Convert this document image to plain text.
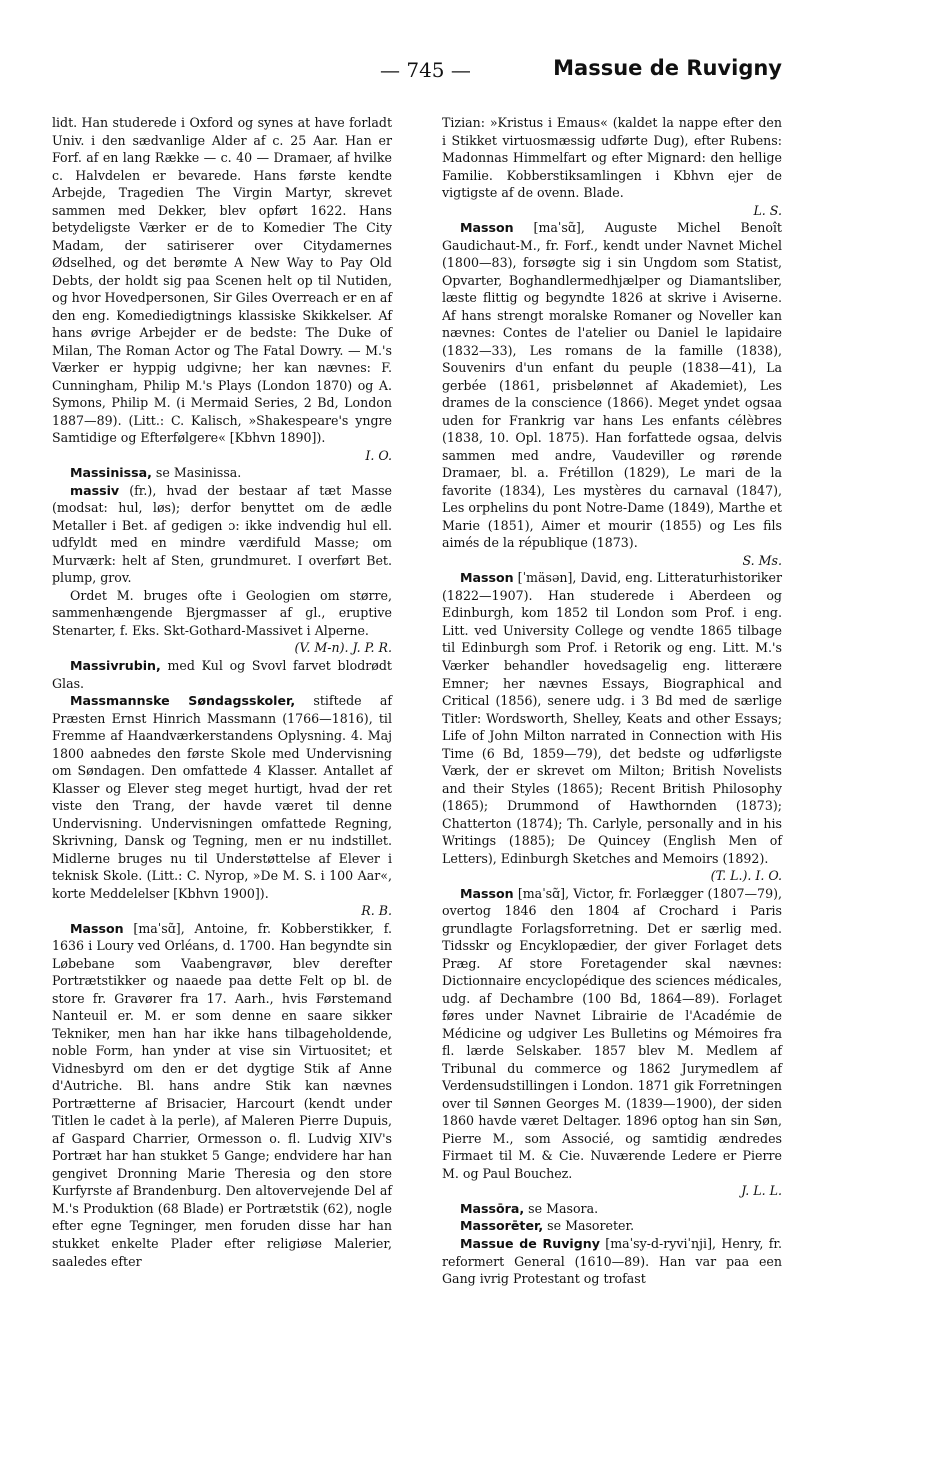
— 745 —	Massue de Ruvigny

lidt. Han studerede i Oxford og synes at have forladt Univ. i den sædvanlige Alder af c. 25 Aar. Han er Forf. af en lang Række — c. 40 — Dramaer, af hvilke c. Halvdelen er bevarede. Hans første kendte Arbejde, Tragedien The Virgin Martyr, skrevet sammen med Dekker, blev opført 1622. Hans betydeligste Værker er de to Komedier The City Madam, der satiriserer over Citydamernes Ødselhed, og det berømte A New Way to Pay Old Debts, der holdt sig paa Scenen helt op til Nutiden, og hvor Hovedpersonen, Sir Giles Overreach er en af den eng. Komediedigtnings klassiske Skikkelser. Af hans øvrige Arbejder er de bedste: The Duke of Milan, The Roman Actor og The Fatal Dowry. — M.'s Værker er hyppig udgivne; her kan nævnes: F. Cunningham, Philip M.'s Plays (London 1870) og A. Symons, Philip M. (i Mermaid Series, 2 Bd, London 1887—89). (Litt.: C. Kalisch, »Shakespeare's yngre Samtidige og Efterfølgere« [Kbhvn 1890]).
I. O.

Massinissa, se Masinissa.

massiv (fr.), hvad der bestaar af tæt Masse (modsat: hul, løs); derfor benyttet om de ædle Metaller i Bet. af gedigen ɔ: ikke indvendig hul ell. udfyldt med en mindre værdifuld Masse; om Murværk: helt af Sten, grundmuret. I overført Bet. plump, grov.

Ordet M. bruges ofte i Geologien om større, sammenhængende Bjergmasser af gl., eruptive Stenarter, f. Eks. Skt-Gothard-Massivet i Alperne.
(V. M-n). J. P. R.

Massivrubin, med Kul og Svovl farvet blodrødt Glas.

Massmannske Søndagsskoler, stiftede af Præsten Ernst Hinrich Massmann (1766—1816), til Fremme af Haandværkerstandens Oplysning. 4. Maj 1800 aabnedes den første Skole med Undervisning om Søndagen. Den omfattede 4 Klasser. Antallet af Klasser og Elever steg meget hurtigt, hvad der ret viste den Trang, der havde været til denne Undervisning. Undervisningen omfattede Regning, Skrivning, Dansk og Tegning, men er nu indstillet. Midlerne bruges nu til Understøttelse af Elever i teknisk Skole. (Litt.: C. Nyrop, »De M. S. i 100 Aar«, korte Meddelelser [Kbhvn 1900]).
R. B.

Masson [maˈsɑ̃], Antoine, fr. Kobberstikker, f. 1636 i Loury ved Orléans, d. 1700. Han begyndte sin Løbebane som Vaabengravør, blev derefter Portrætstikker og naaede paa dette Felt op bl. de store fr. Gravører fra 17. Aarh., hvis Førstemand Nanteuil er. M. er som denne en saare sikker Tekniker, men han har ikke hans tilbageholdende, noble Form, han ynder at vise sin Virtuositet; et Vidnesbyrd om den er det dygtige Stik af Anne d'Autriche. Bl. hans andre Stik kan nævnes Portrætterne af Brisacier, Harcourt (kendt under Titlen le cadet à la perle), af Maleren Pierre Dupuis, af Gaspard Charrier, Ormesson o. fl. Ludvig XIV's Portræt har han stukket 5 Gange; endvidere har han gengivet Dronning Marie Theresia og den store Kurfyrste af Brandenburg. Den altovervejende Del af M.'s Produktion (68 Blade) er Portrætstik (62), nogle efter egne Tegninger, men foruden disse har han stukket enkelte Plader efter religiøse Malerier, saaledes efter

Tizian: »Kristus i Emaus« (kaldet la nappe efter den i Stikket virtuosmæssig udførte Dug), efter Rubens: Madonnas Himmelfart og efter Mignard: den hellige Familie. Kobberstiksamlingen i Kbhvn ejer de vigtigste af de ovenn. Blade.
L. S.

Masson [maˈsɑ̃], Auguste Michel Benoît Gaudichaut-M., fr. Forf., kendt under Navnet Michel (1800—83), forsøgte sig i sin Ungdom som Statist, Opvarter, Boghandlermedhjælper og Diamantsliber, læste flittig og begyndte 1826 at skrive i Aviserne. Af hans strengt moralske Romaner og Noveller kan nævnes: Contes de l'atelier ou Daniel le lapidaire (1832—33), Les romans de la famille (1838), Souvenirs d'un enfant du peuple (1838—41), La gerbée (1861, prisbelønnet af Akademiet), Les drames de la conscience (1866). Meget yndet ogsaa uden for Frankrig var hans Les enfants célèbres (1838, 10. Opl. 1875). Han forfattede ogsaa, delvis sammen med andre, Vaudeviller og rørende Dramaer, bl. a. Frétillon (1829), Le mari de la favorite (1834), Les mystères du carnaval (1847), Les orphelins du pont Notre-Dame (1849), Marthe et Marie (1851), Aimer et mourir (1855) og Les fils aimés de la république (1873).
S. Ms.

Masson [ˈmäsən], David, eng. Litteraturhistoriker (1822—1907). Han studerede i Aberdeen og Edinburgh, kom 1852 til London som Prof. i eng. Litt. ved University College og vendte 1865 tilbage til Edinburgh som Prof. i Retorik og eng. Litt. M.'s Værker behandler hovedsagelig eng. litterære Emner; her nævnes Essays, Biographical and Critical (1856), senere udg. i 3 Bd med de særlige Titler: Wordsworth, Shelley, Keats and other Essays; Life of John Milton narrated in Connection with His Time (6 Bd, 1859—79), det bedste og udførligste Værk, der er skrevet om Milton; British Novelists and their Styles (1865); Recent British Philosophy (1865); Drummond of Hawthornden (1873); Chatterton (1874); Th. Carlyle, personally and in his Writings (1885); De Quincey (English Men of Letters), Edinburgh Sketches and Memoirs (1892).
(T. L.). I. O.

Masson [maˈsɑ̃], Victor, fr. Forlægger (1807—79), overtog 1846 den 1804 af Crochard i Paris grundlagte Forlagsforretning. Det er særlig med. Tidsskr og Encyklopædier, der giver Forlaget dets Præg. Af store Foretagender skal nævnes: Dictionnaire encyclopédique des sciences médicales, udg. af Dechambre (100 Bd, 1864—89). Forlaget føres under Navnet Librairie de l'Académie de Médicine og udgiver Les Bulletins og Mémoires fra fl. lærde Selskaber. 1857 blev M. Medlem af Tribunal du commerce og 1862 Jurymedlem af Verdensudstillingen i London. 1871 gik Forretningen over til Sønnen Georges M. (1839—1900), der siden 1860 havde været Deltager. 1896 optog han sin Søn, Pierre M., som Associé, og samtidig ændredes Firmaet til M. & Cie. Nuværende Ledere er Pierre M. og Paul Bouchez.
J. L. L.

Massōra, se Masora.

Massorēter, se Masoreter.

Massue de Ruvigny [maˈsy-d-ryviˈnji], Henry, fr. reformert General (1610—89). Han var paa een Gang ivrig Protestant og trofast
